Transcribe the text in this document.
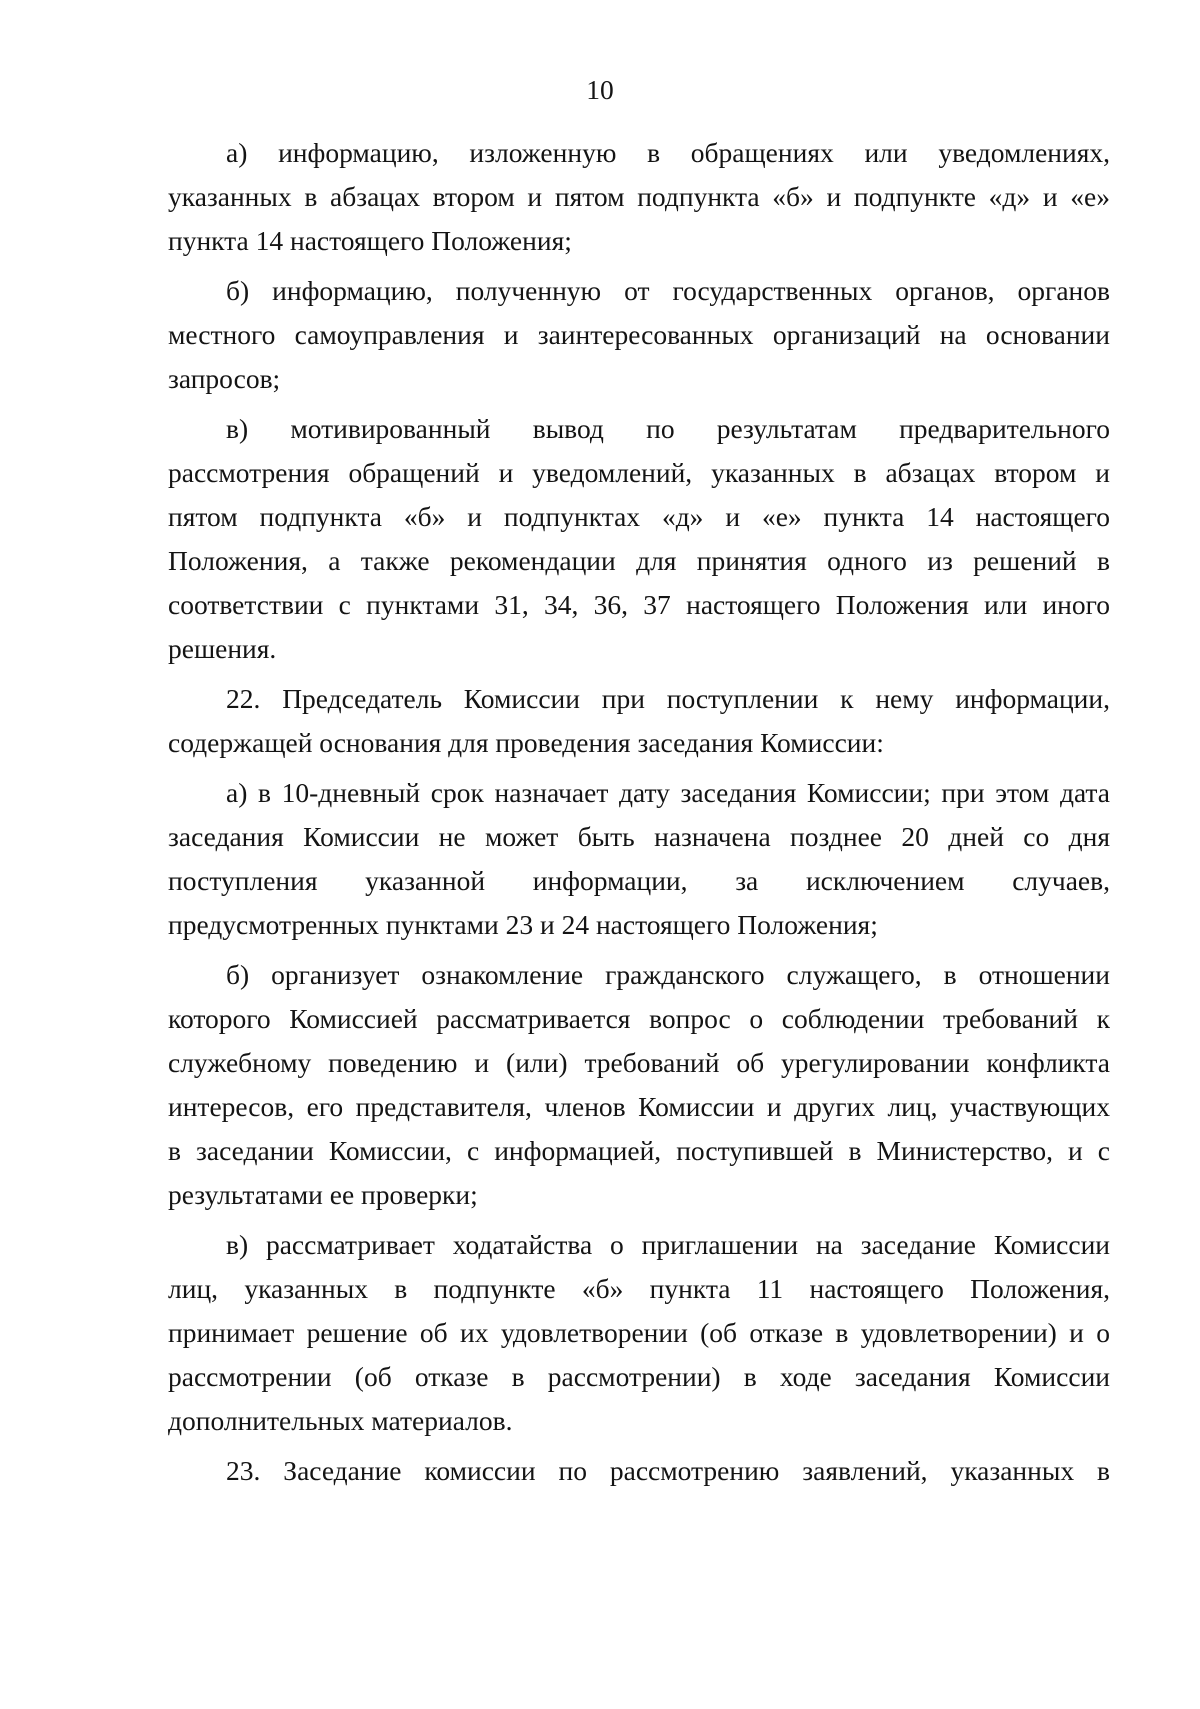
10
а) информацию, изложенную в обращениях или уведомлениях,
указанных в абзацах втором и пятом подпункта «б» и подпункте «д» и «е»
пункта 14 настоящего Положения;
б) информацию, полученную от государственных органов, органов
местного самоуправления и заинтересованных организаций на основании
запросов;
в) мотивированный вывод по результатам предварительного
рассмотрения обращений и уведомлений, указанных в абзацах втором и
пятом подпункта «б» и подпунктах «д» и «е» пункта 14 настоящего
Положения, а также рекомендации для принятия одного из решений в
соответствии с пунктами 31, 34, 36, 37 настоящего Положения или иного
решения.
22. Председатель Комиссии при поступлении к нему информации,
содержащей основания для проведения заседания Комиссии:
а) в 10-дневный срок назначает дату заседания Комиссии; при этом дата
заседания Комиссии не может быть назначена позднее 20 дней со дня
поступления указанной информации, за исключением случаев,
предусмотренных пунктами 23 и 24 настоящего Положения;
б) организует ознакомление гражданского служащего, в отношении
которого Комиссией рассматривается вопрос о соблюдении требований к
служебному поведению и (или) требований об урегулировании конфликта
интересов, его представителя, членов Комиссии и других лиц, участвующих
в заседании Комиссии, с информацией, поступившей в Министерство, и с
результатами ее проверки;
в) рассматривает ходатайства о приглашении на заседание Комиссии
лиц, указанных в подпункте «б» пункта 11 настоящего Положения,
принимает решение об их удовлетворении (об отказе в удовлетворении) и о
рассмотрении (об отказе в рассмотрении) в ходе заседания Комиссии
дополнительных материалов.
23. Заседание комиссии по рассмотрению заявлений, указанных в
